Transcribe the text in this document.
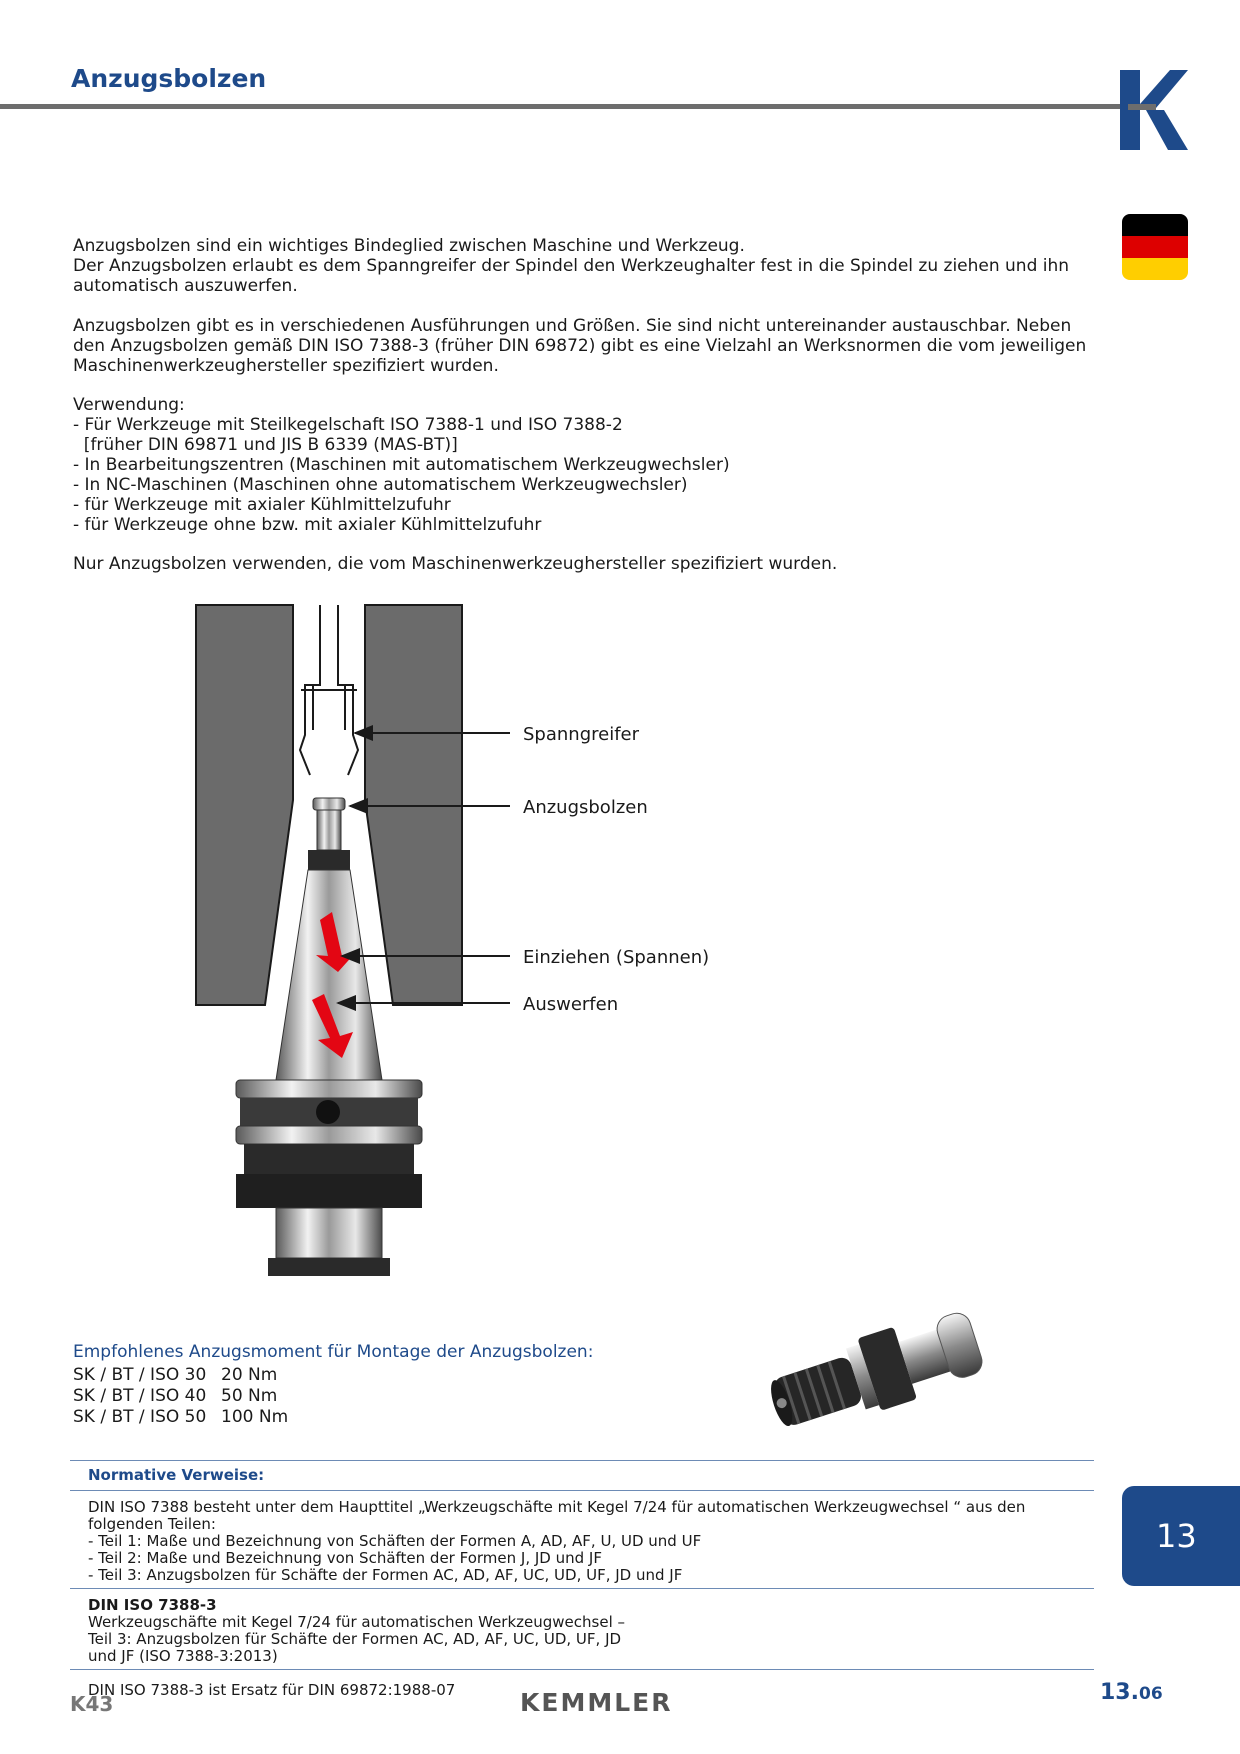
Anzugsbolzen

Anzugsbolzen sind ein wichtiges Bindeglied zwischen Maschine und Werkzeug.

Der Anzugsbolzen erlaubt es dem Spanngreifer der Spindel den Werkzeughalter fest in die Spindel zu ziehen und ihn

automatisch auszuwerfen.

Anzugsbolzen gibt es in verschiedenen Ausführungen und Größen. Sie sind nicht untereinander austauschbar. Neben

den Anzugsbolzen gemäß DIN ISO 7388-3 (früher DIN 69872) gibt es eine Vielzahl an Werksnormen die vom jeweiligen

Maschinenwerkzeughersteller spezifiziert wurden.

Verwendung:

- Für Werkzeuge mit Steilkegelschaft ISO 7388-1 und ISO 7388-2

[früher DIN 69871 und JIS B 6339 (MAS-BT)]

- In Bearbeitungszentren (Maschinen mit automatischem Werkzeugwechsler)

- In NC-Maschinen (Maschinen ohne automatischem Werkzeugwechsler)

- für Werkzeuge mit axialer Kühlmittelzufuhr

- für Werkzeuge ohne bzw. mit axialer Kühlmittelzufuhr

Nur Anzugsbolzen verwenden, die vom Maschinenwerkzeughersteller spezifiziert wurden.

Spanngreifer
Anzugsbolzen
Einziehen (Spannen)
Auswerfen
Empfohlenes Anzugsmoment für Montage der Anzugsbolzen:
SK / BT / ISO 30 20 Nm
SK / BT / ISO 40 50 Nm
SK / BT / ISO 50 100 Nm
Normative Verweise:

DIN ISO 7388 besteht unter dem Haupttitel „Werkzeugschäfte mit Kegel 7/24 für automatischen Werkzeugwechsel “ aus den

folgenden Teilen:

- Teil 1: Maße und Bezeichnung von Schäften der Formen A, AD, AF, U, UD und UF

- Teil 2: Maße und Bezeichnung von Schäften der Formen J, JD und JF

- Teil 3: Anzugsbolzen für Schäfte der Formen AC, AD, AF, UC, UD, UF, JD und JF

DIN ISO 7388-3

Werkzeugschäfte mit Kegel 7/24 für automatischen Werkzeugwechsel –

Teil 3: Anzugsbolzen für Schäfte der Formen AC, AD, AF, UC, UD, UF, JD

und JF (ISO 7388-3:2013)

DIN ISO 7388-3 ist Ersatz für DIN 69872:1988-07

13
K43	KEMMLER	13.06
